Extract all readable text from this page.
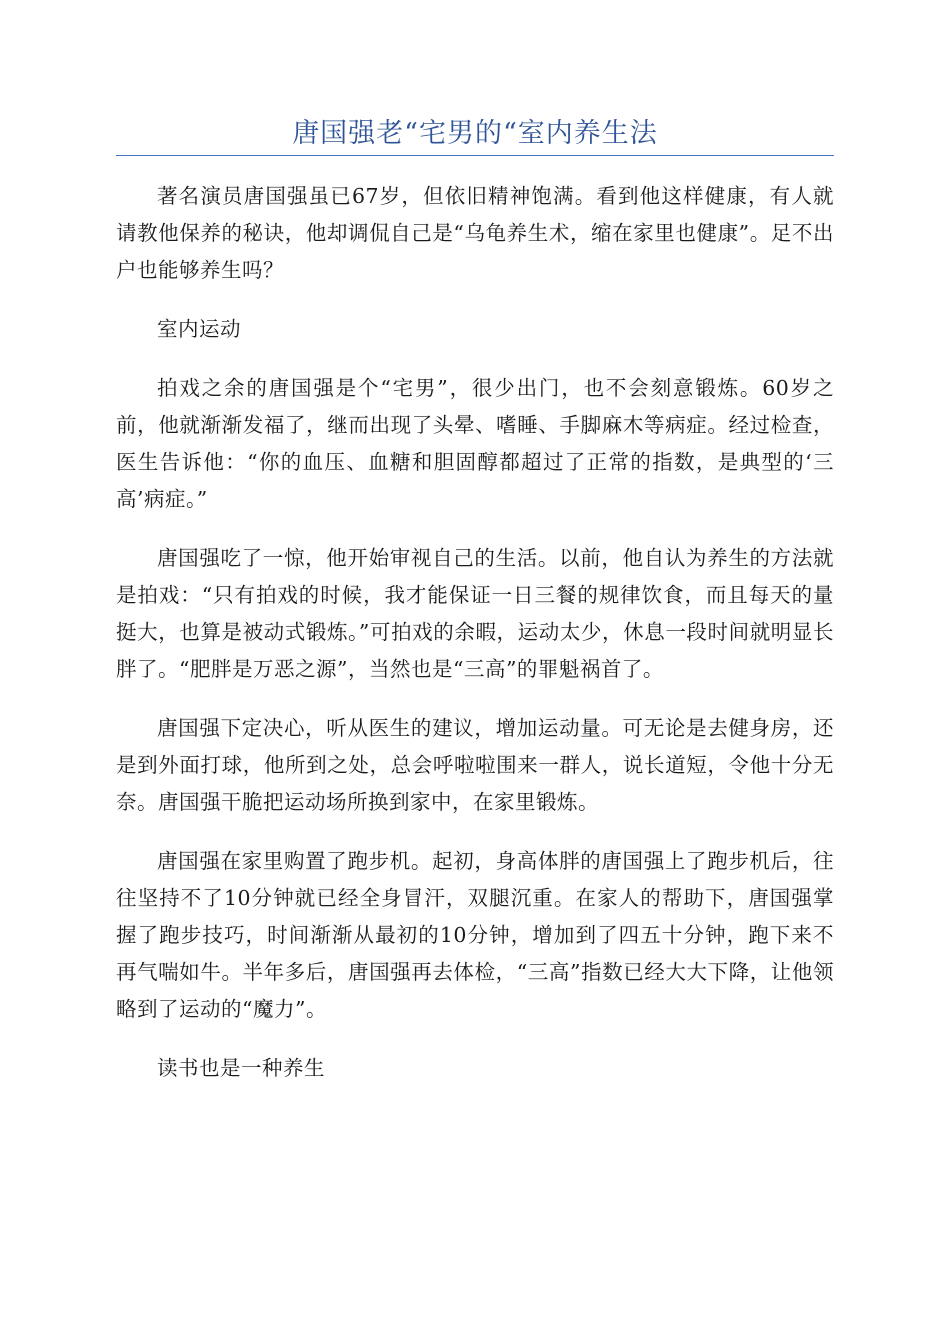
唐国强老“宅男的“室内养生法

著名演员唐国强虽已67岁，但依旧精神饱满。看到他这样健康，有人就请教他保养的秘诀，他却调侃自己是“乌龟养生术，缩在家里也健康”。足不出户也能够养生吗？

室内运动

拍戏之余的唐国强是个“宅男”，很少出门，也不会刻意锻炼。60岁之前，他就渐渐发福了，继而出现了头晕、嗜睡、手脚麻木等病症。经过检查，医生告诉他：“你的血压、血糖和胆固醇都超过了正常的指数，是典型的‘三高’病症。”

唐国强吃了一惊，他开始审视自己的生活。以前，他自认为养生的方法就是拍戏：“只有拍戏的时候，我才能保证一日三餐的规律饮食，而且每天的量挺大，也算是被动式锻炼。”可拍戏的余暇，运动太少，休息一段时间就明显长胖了。“肥胖是万恶之源”，当然也是“三高”的罪魁祸首了。

唐国强下定决心，听从医生的建议，增加运动量。可无论是去健身房，还是到外面打球，他所到之处，总会呼啦啦围来一群人，说长道短，令他十分无奈。唐国强干脆把运动场所换到家中，在家里锻炼。

唐国强在家里购置了跑步机。起初，身高体胖的唐国强上了跑步机后，往往坚持不了10分钟就已经全身冒汗，双腿沉重。在家人的帮助下，唐国强掌握了跑步技巧，时间渐渐从最初的10分钟，增加到了四五十分钟，跑下来不再气喘如牛。半年多后，唐国强再去体检，“三高”指数已经大大下降，让他领略到了运动的“魔力”。

读书也是一种养生
